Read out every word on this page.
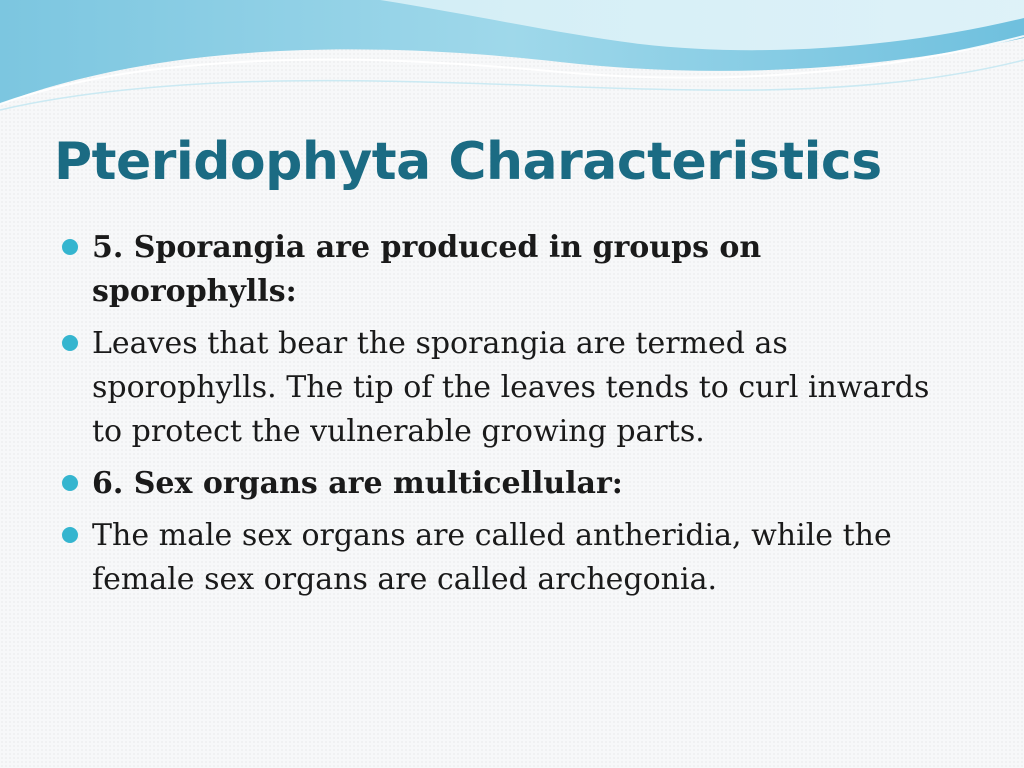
Pteridophyta Characteristics
5. Sporangia are produced in groups on sporophylls:
Leaves that bear the sporangia are termed as sporophylls. The tip of the leaves tends to curl inwards to protect the vulnerable growing parts.
6. Sex organs are multicellular:
The male sex organs are called antheridia, while the female sex organs are called archegonia.
